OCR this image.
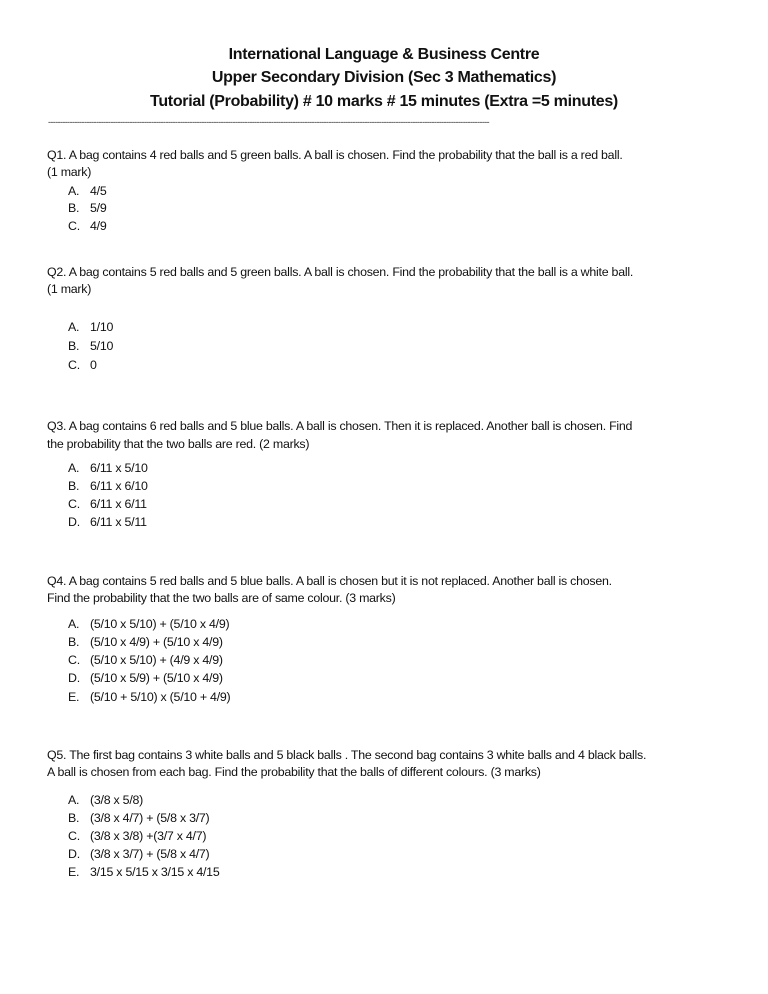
International Language & Business Centre
Upper Secondary Division (Sec 3 Mathematics)
Tutorial (Probability) # 10 marks # 15 minutes (Extra =5 minutes)
----------------------------------------------------------------------------------------------------------------------------------------------------------------------------------------
Q1. A bag contains 4 red balls and 5 green balls. A ball is chosen. Find the probability that the ball is a red ball.
(1 mark)
A. 4/5
B. 5/9
C. 4/9
Q2. A bag contains 5 red balls and 5 green balls. A ball is chosen. Find the probability that the ball is a white ball.
(1 mark)
A. 1/10
B. 5/10
C. 0
Q3. A bag contains 6 red balls and 5 blue balls. A ball is chosen. Then it is replaced. Another ball is chosen. Find
the probability that the two balls are red. (2 marks)
A. 6/11 x 5/10
B. 6/11 x 6/10
C. 6/11 x 6/11
D. 6/11 x 5/11
Q4. A bag contains 5 red balls and 5 blue balls. A ball is chosen but it is not replaced. Another ball is chosen.
Find the probability that the two balls are of same colour. (3 marks)
A. (5/10 x 5/10) + (5/10 x 4/9)
B. (5/10 x 4/9) + (5/10 x 4/9)
C. (5/10 x 5/10) + (4/9 x 4/9)
D. (5/10 x 5/9) + (5/10 x 4/9)
E. (5/10 + 5/10) x (5/10 + 4/9)
Q5. The first bag contains 3 white balls and 5 black balls . The second bag contains 3 white balls and 4 black balls.
A ball is chosen from each bag. Find the probability that the balls of different colours. (3 marks)
A. (3/8 x 5/8)
B. (3/8 x 4/7) + (5/8 x 3/7)
C. (3/8 x 3/8) +(3/7 x 4/7)
D. (3/8 x 3/7) + (5/8 x 4/7)
E. 3/15 x 5/15 x 3/15 x 4/15
